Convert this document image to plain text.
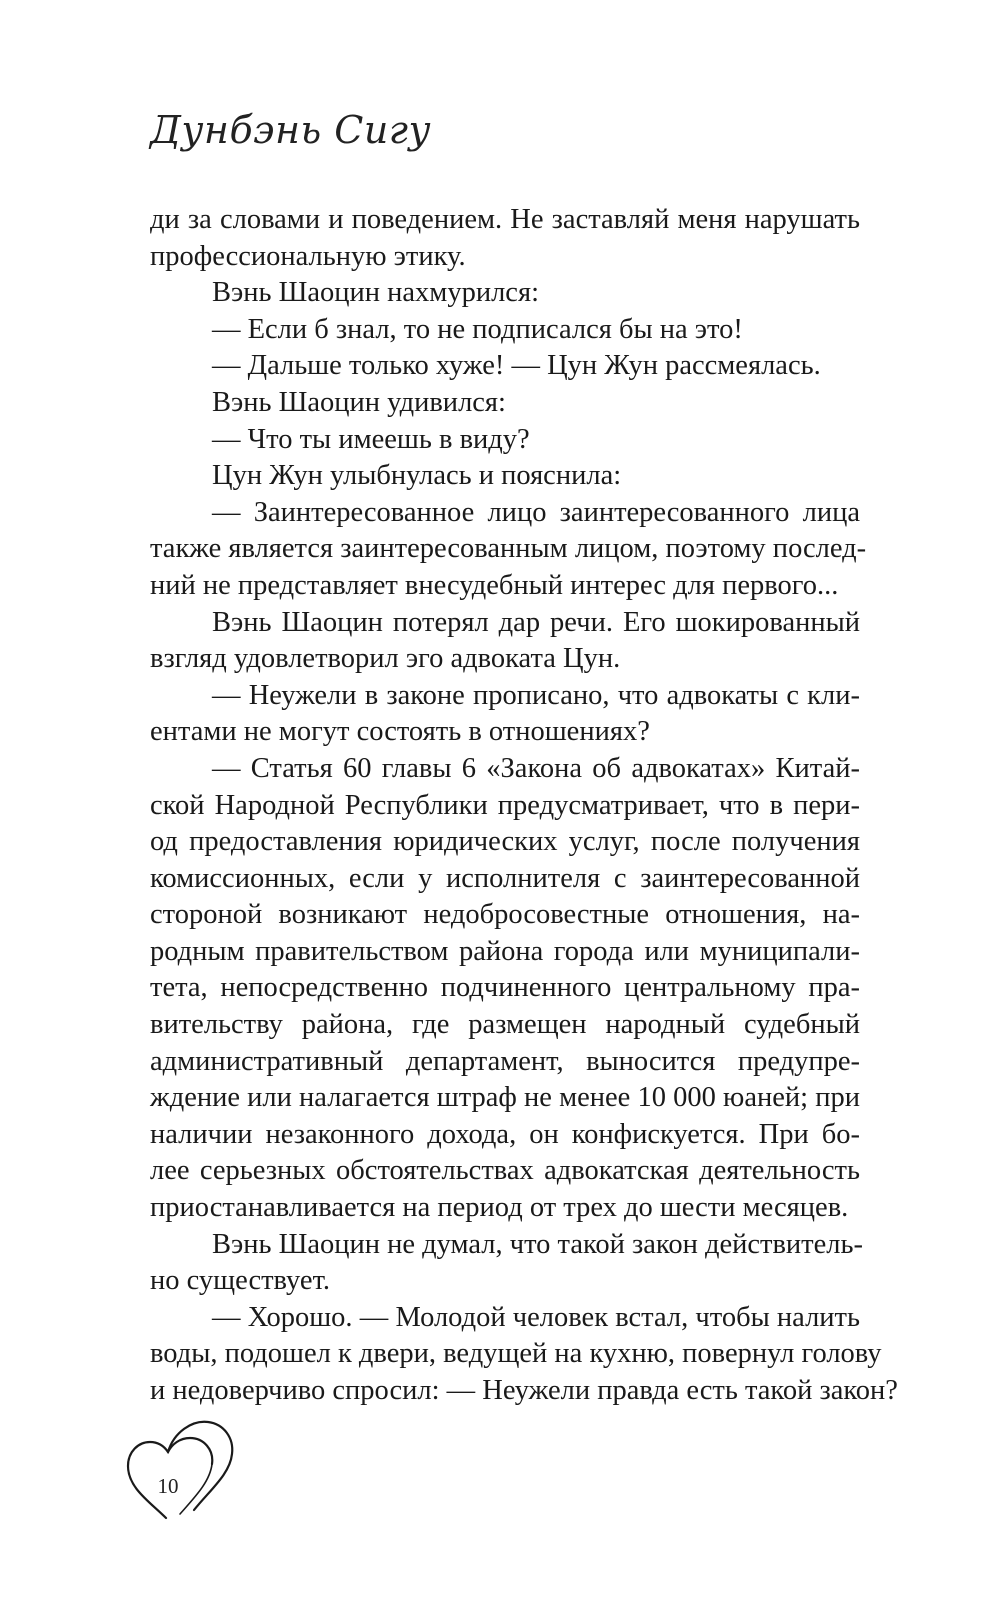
Дунбэнь Сигу
ди за словами и поведением. Не заставляй меня нарушать
профессиональную этику.
Вэнь Шаоцин нахмурился:
— Если б знал, то не подписался бы на это!
— Дальше только хуже! — Цун Жун рассмеялась.
Вэнь Шаоцин удивился:
— Что ты имеешь в виду?
Цун Жун улыбнулась и пояснила:
— Заинтересованное лицо заинтересованного лица
также является заинтересованным лицом, поэтому послед-
ний не представляет внесудебный интерес для первого...
Вэнь Шаоцин потерял дар речи. Его шокированный
взгляд удовлетворил эго адвоката Цун.
— Неужели в законе прописано, что адвокаты с кли-
ентами не могут состоять в отношениях?
— Статья 60 главы 6 «Закона об адвокатах» Китай-
ской Народной Республики предусматривает, что в пери-
од предоставления юридических услуг, после получения
комиссионных, если у исполнителя с заинтересованной
стороной возникают недобросовестные отношения, на-
родным правительством района города или муниципали-
тета, непосредственно подчиненного центральному пра-
вительству района, где размещен народный судебный
административный департамент, выносится предупре-
ждение или налагается штраф не менее 10 000 юаней; при
наличии незаконного дохода, он конфискуется. При бо-
лее серьезных обстоятельствах адвокатская деятельность
приостанавливается на период от трех до шести месяцев.
Вэнь Шаоцин не думал, что такой закон действитель-
но существует.
— Хорошо. — Молодой человек встал, чтобы налить
воды, подошел к двери, ведущей на кухню, повернул голову
и недоверчиво спросил: — Неужели правда есть такой закон?
10
